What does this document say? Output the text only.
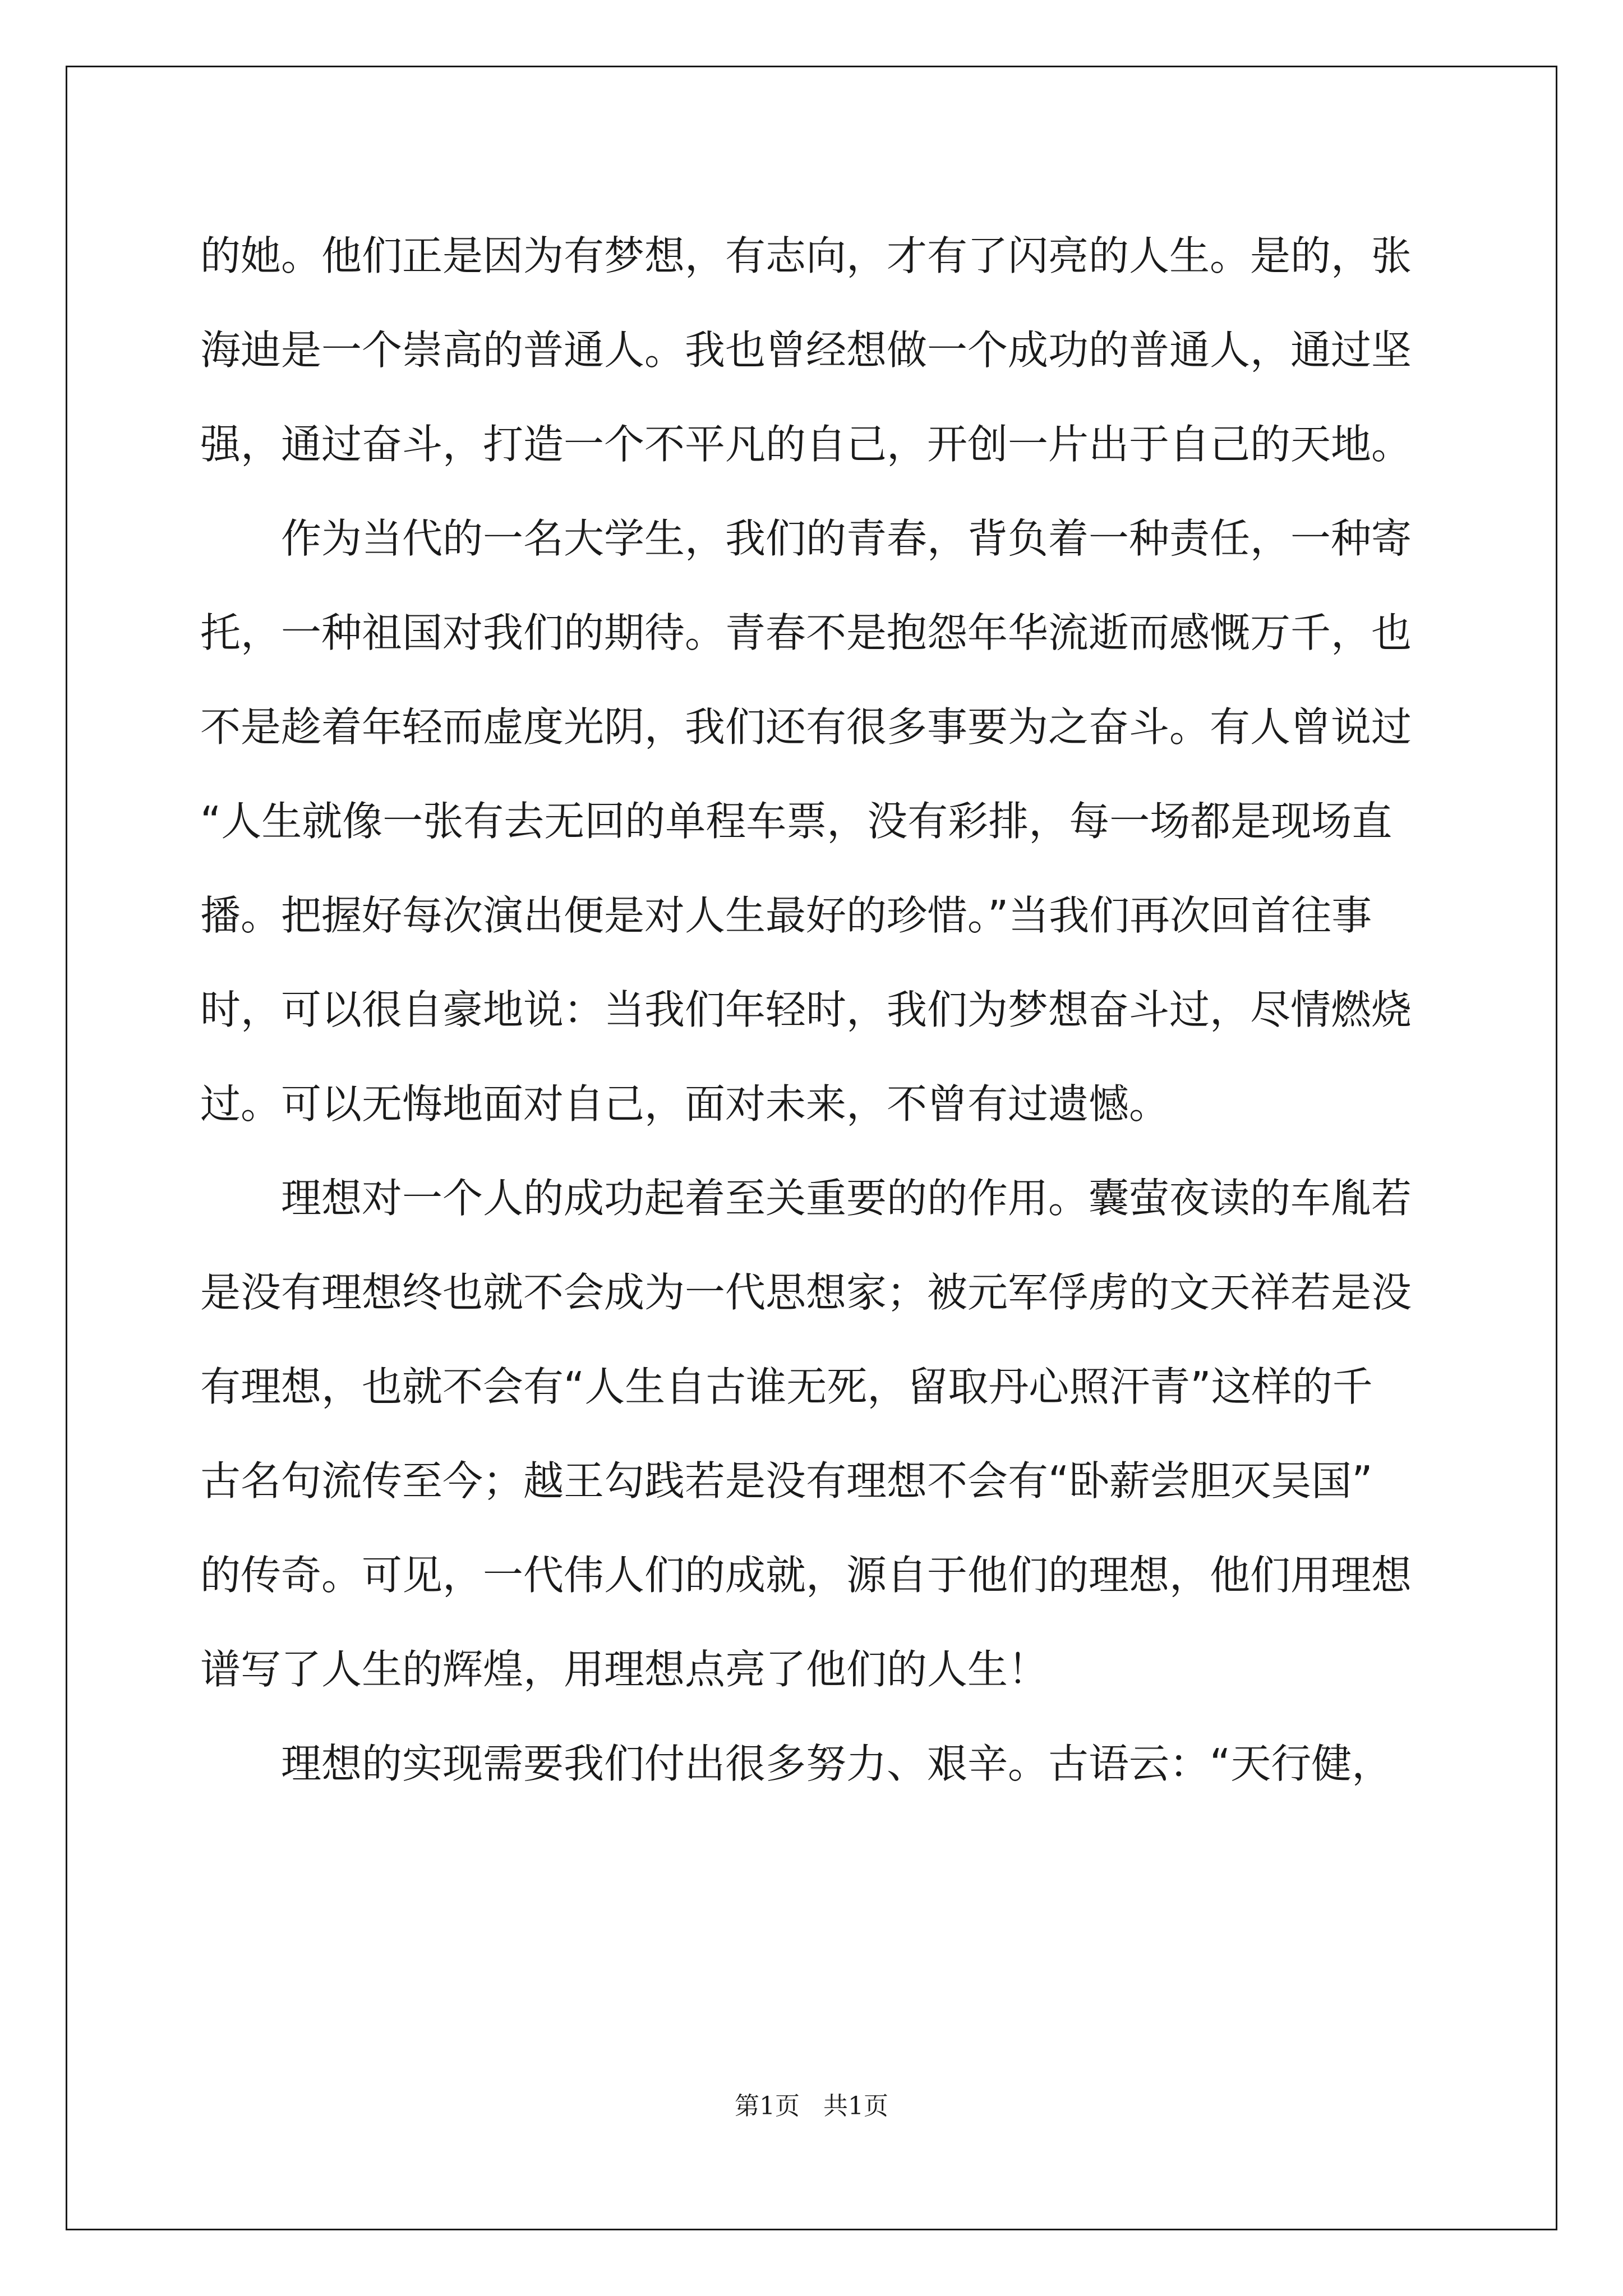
的她。他们正是因为有梦想，有志向，才有了闪亮的人生。是的，张
海迪是一个崇高的普通人。我也曾经想做一个成功的普通人，通过坚
强，通过奋斗，打造一个不平凡的自己，开创一片出于自己的天地。
　　作为当代的一名大学生，我们的青春，背负着一种责任，一种寄
托，一种祖国对我们的期待。青春不是抱怨年华流逝而感慨万千，也
不是趁着年轻而虚度光阴，我们还有很多事要为之奋斗。有人曾说过
“人生就像一张有去无回的单程车票，没有彩排，每一场都是现场直
播。把握好每次演出便是对人生最好的珍惜。”当我们再次回首往事
时，可以很自豪地说：当我们年轻时，我们为梦想奋斗过，尽情燃烧
过。可以无悔地面对自己，面对未来，不曾有过遗憾。
　　理想对一个人的成功起着至关重要的的作用。囊萤夜读的车胤若
是没有理想终也就不会成为一代思想家；被元军俘虏的文天祥若是没
有理想，也就不会有“人生自古谁无死，留取丹心照汗青”这样的千
古名句流传至今；越王勾践若是没有理想不会有“卧薪尝胆灭吴国”
的传奇。可见，一代伟人们的成就，源自于他们的理想，他们用理想
谱写了人生的辉煌，用理想点亮了他们的人生！
　　理想的实现需要我们付出很多努力、艰辛。古语云：“天行健，
第1页   共1页
